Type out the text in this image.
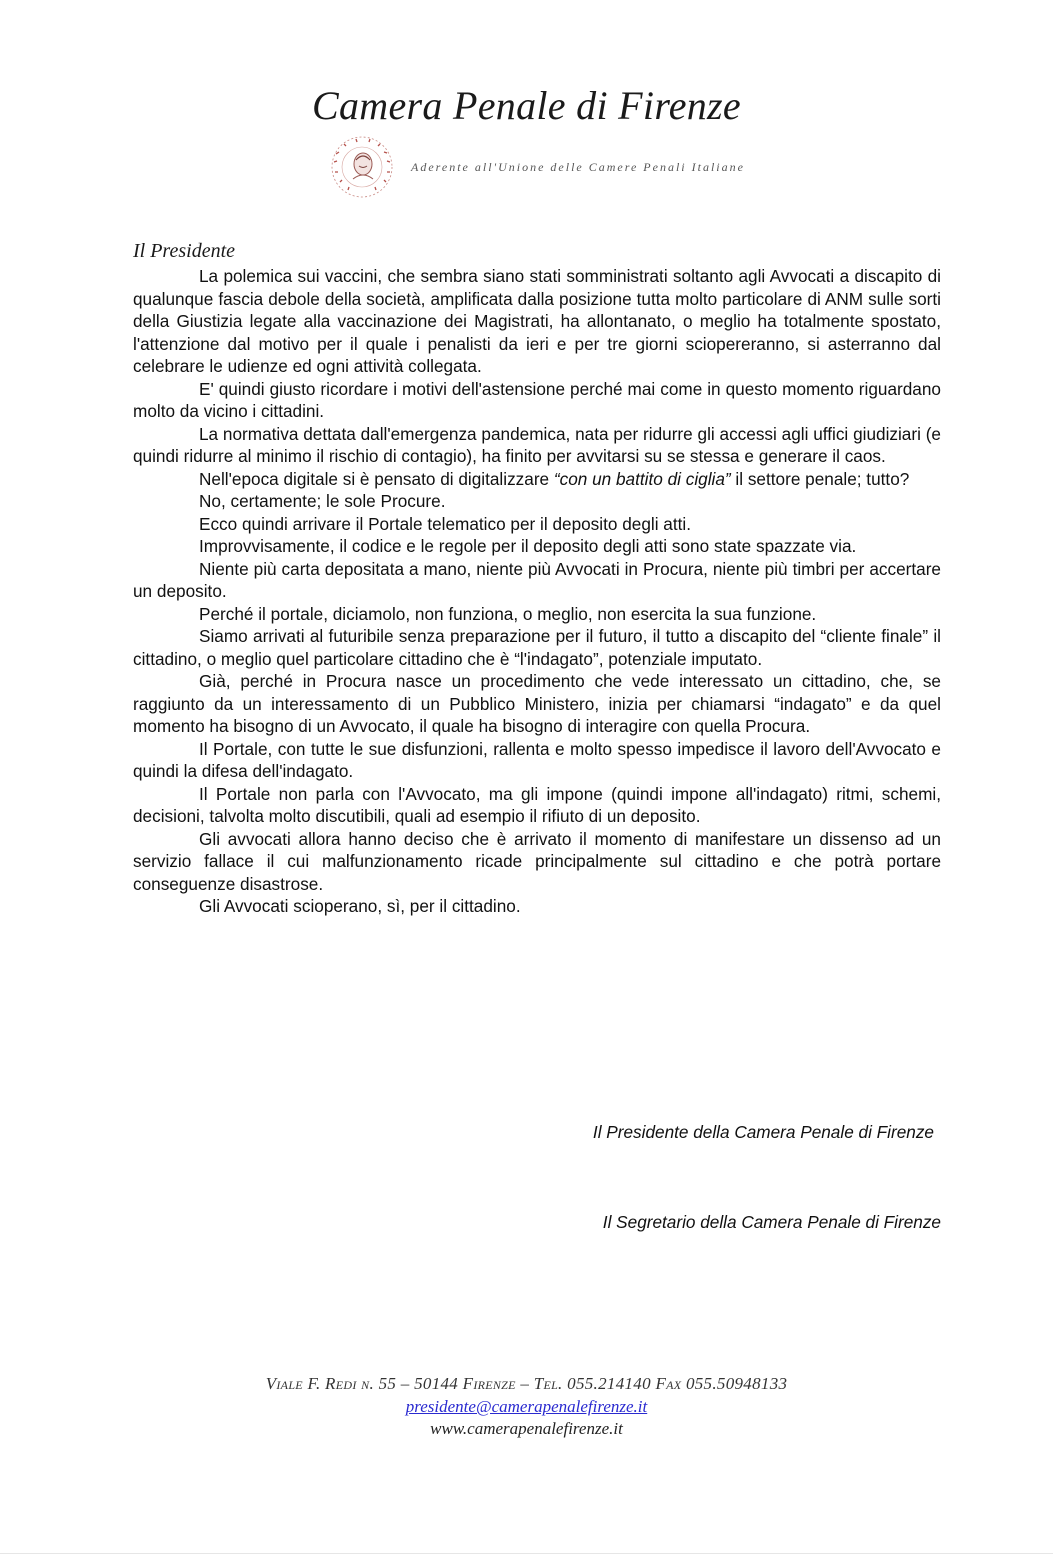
Camera Penale di Firenze
Aderente all'Unione delle Camere Penali Italiane
Il Presidente

La polemica sui vaccini, che sembra siano stati somministrati soltanto agli Avvocati a discapito di qualunque fascia debole della società, amplificata dalla posizione tutta molto particolare di ANM sulle sorti della Giustizia legate alla vaccinazione dei Magistrati, ha allontanato, o meglio ha totalmente spostato, l'attenzione dal motivo per il quale i penalisti da ieri e per tre giorni sciopereranno, si asterranno dal celebrare le udienze ed ogni attività collegata.

E' quindi giusto ricordare i motivi dell'astensione perché mai come in questo momento riguardano molto da vicino i cittadini.

La normativa dettata dall'emergenza pandemica, nata per ridurre gli accessi agli uffici giudiziari (e quindi ridurre al minimo il rischio di contagio), ha finito per avvitarsi su se stessa e generare il caos.

Nell'epoca digitale si è pensato di digitalizzare “con un battito di ciglia” il settore penale; tutto?

No, certamente; le sole Procure.

Ecco quindi arrivare il Portale telematico per il deposito degli atti.

Improvvisamente, il codice e le regole per il deposito degli atti sono state spazzate via.

Niente più carta depositata a mano, niente più Avvocati in Procura, niente più timbri per accertare un deposito.

Perché il portale, diciamolo, non funziona, o meglio, non esercita la sua funzione.

Siamo arrivati al futuribile senza preparazione per il futuro, il tutto a discapito del “cliente finale” il cittadino, o meglio quel particolare cittadino che è “l'indagato”, potenziale imputato.

Già, perché in Procura nasce un procedimento che vede interessato un cittadino, che, se raggiunto da un interessamento di un Pubblico Ministero, inizia per chiamarsi “indagato” e da quel momento ha bisogno di un Avvocato, il quale ha bisogno di interagire con quella Procura.

Il Portale, con tutte le sue disfunzioni, rallenta e molto spesso impedisce il lavoro dell'Avvocato e quindi la difesa dell'indagato.

Il Portale non parla con l'Avvocato, ma gli impone (quindi impone all'indagato) ritmi, schemi, decisioni, talvolta molto discutibili, quali ad esempio il rifiuto di un deposito.

Gli avvocati allora hanno deciso che è arrivato il momento di manifestare un dissenso ad un servizio fallace il cui malfunzionamento ricade principalmente sul cittadino e che potrà portare conseguenze disastrose.

Gli Avvocati scioperano, sì, per il cittadino.

Il Presidente della Camera Penale di Firenze
Il Segretario della Camera Penale di Firenze
Viale F. Redi n. 55 – 50144 Firenze – Tel. 055.214140 Fax 055.50948133
presidente@camerapenalefirenze.it
www.camerapenalefirenze.it
